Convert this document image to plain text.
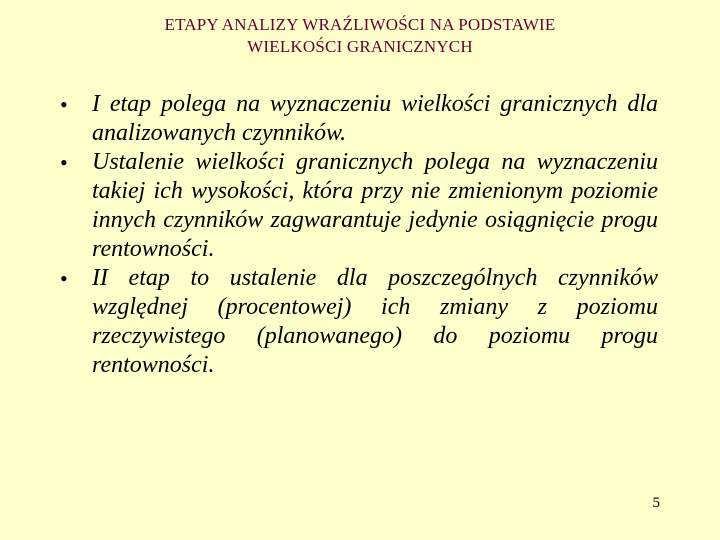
ETAPY ANALIZY WRAŹLIWOŚCI NA PODSTAWIE
WIELKOŚCI GRANICZNYCH
• I etap polega na wyznaczeniu wielkości granicznych dla analizowanych czynników.
• Ustalenie wielkości granicznych polega na wyznaczeniu takiej ich wysokości, która przy nie zmienionym poziomie innych czynników zagwarantuje jedynie osiągnięcie progu rentowności.
• II etap to ustalenie dla poszczególnych czynników względnej (procentowej) ich zmiany z poziomu rzeczywistego (planowanego) do poziomu progu rentowności.
5
